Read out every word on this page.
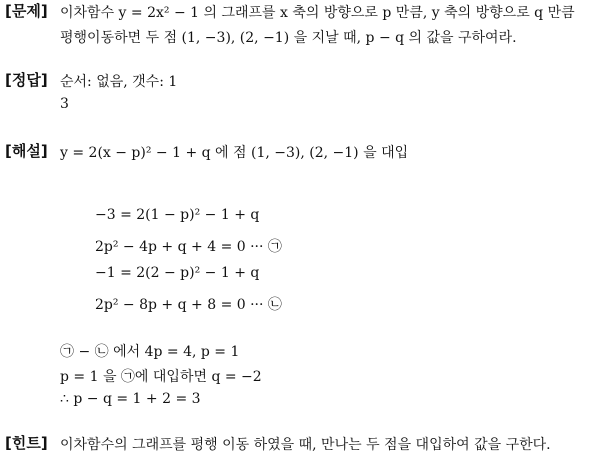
[문제] 이차함수 y = 2x² − 1 의 그래프를 x 축의 방향으로 p 만큼, y 축의 방향으로 q 만큼
평행이동하면 두 점 (1, −3), (2, −1) 을 지날 때, p − q 의 값을 구하여라.
[정답] 순서: 없음, 갯수: 1
3
[해설] y = 2(x − p)² − 1 + q 에 점 (1, −3), (2, −1) 을 대입
−3 = 2(1 − p)² − 1 + q
2p² − 4p + q + 4 = 0 ··· ㉠
−1 = 2(2 − p)² − 1 + q
2p² − 8p + q + 8 = 0 ··· ㉡
㉠ − ㉡ 에서 4p = 4, p = 1
p = 1 을 ㉠에 대입하면 q = −2
∴ p − q = 1 + 2 = 3
[힌트] 이차함수의 그래프를 평행 이동 하였을 때, 만나는 두 점을 대입하여 값을 구한다.
